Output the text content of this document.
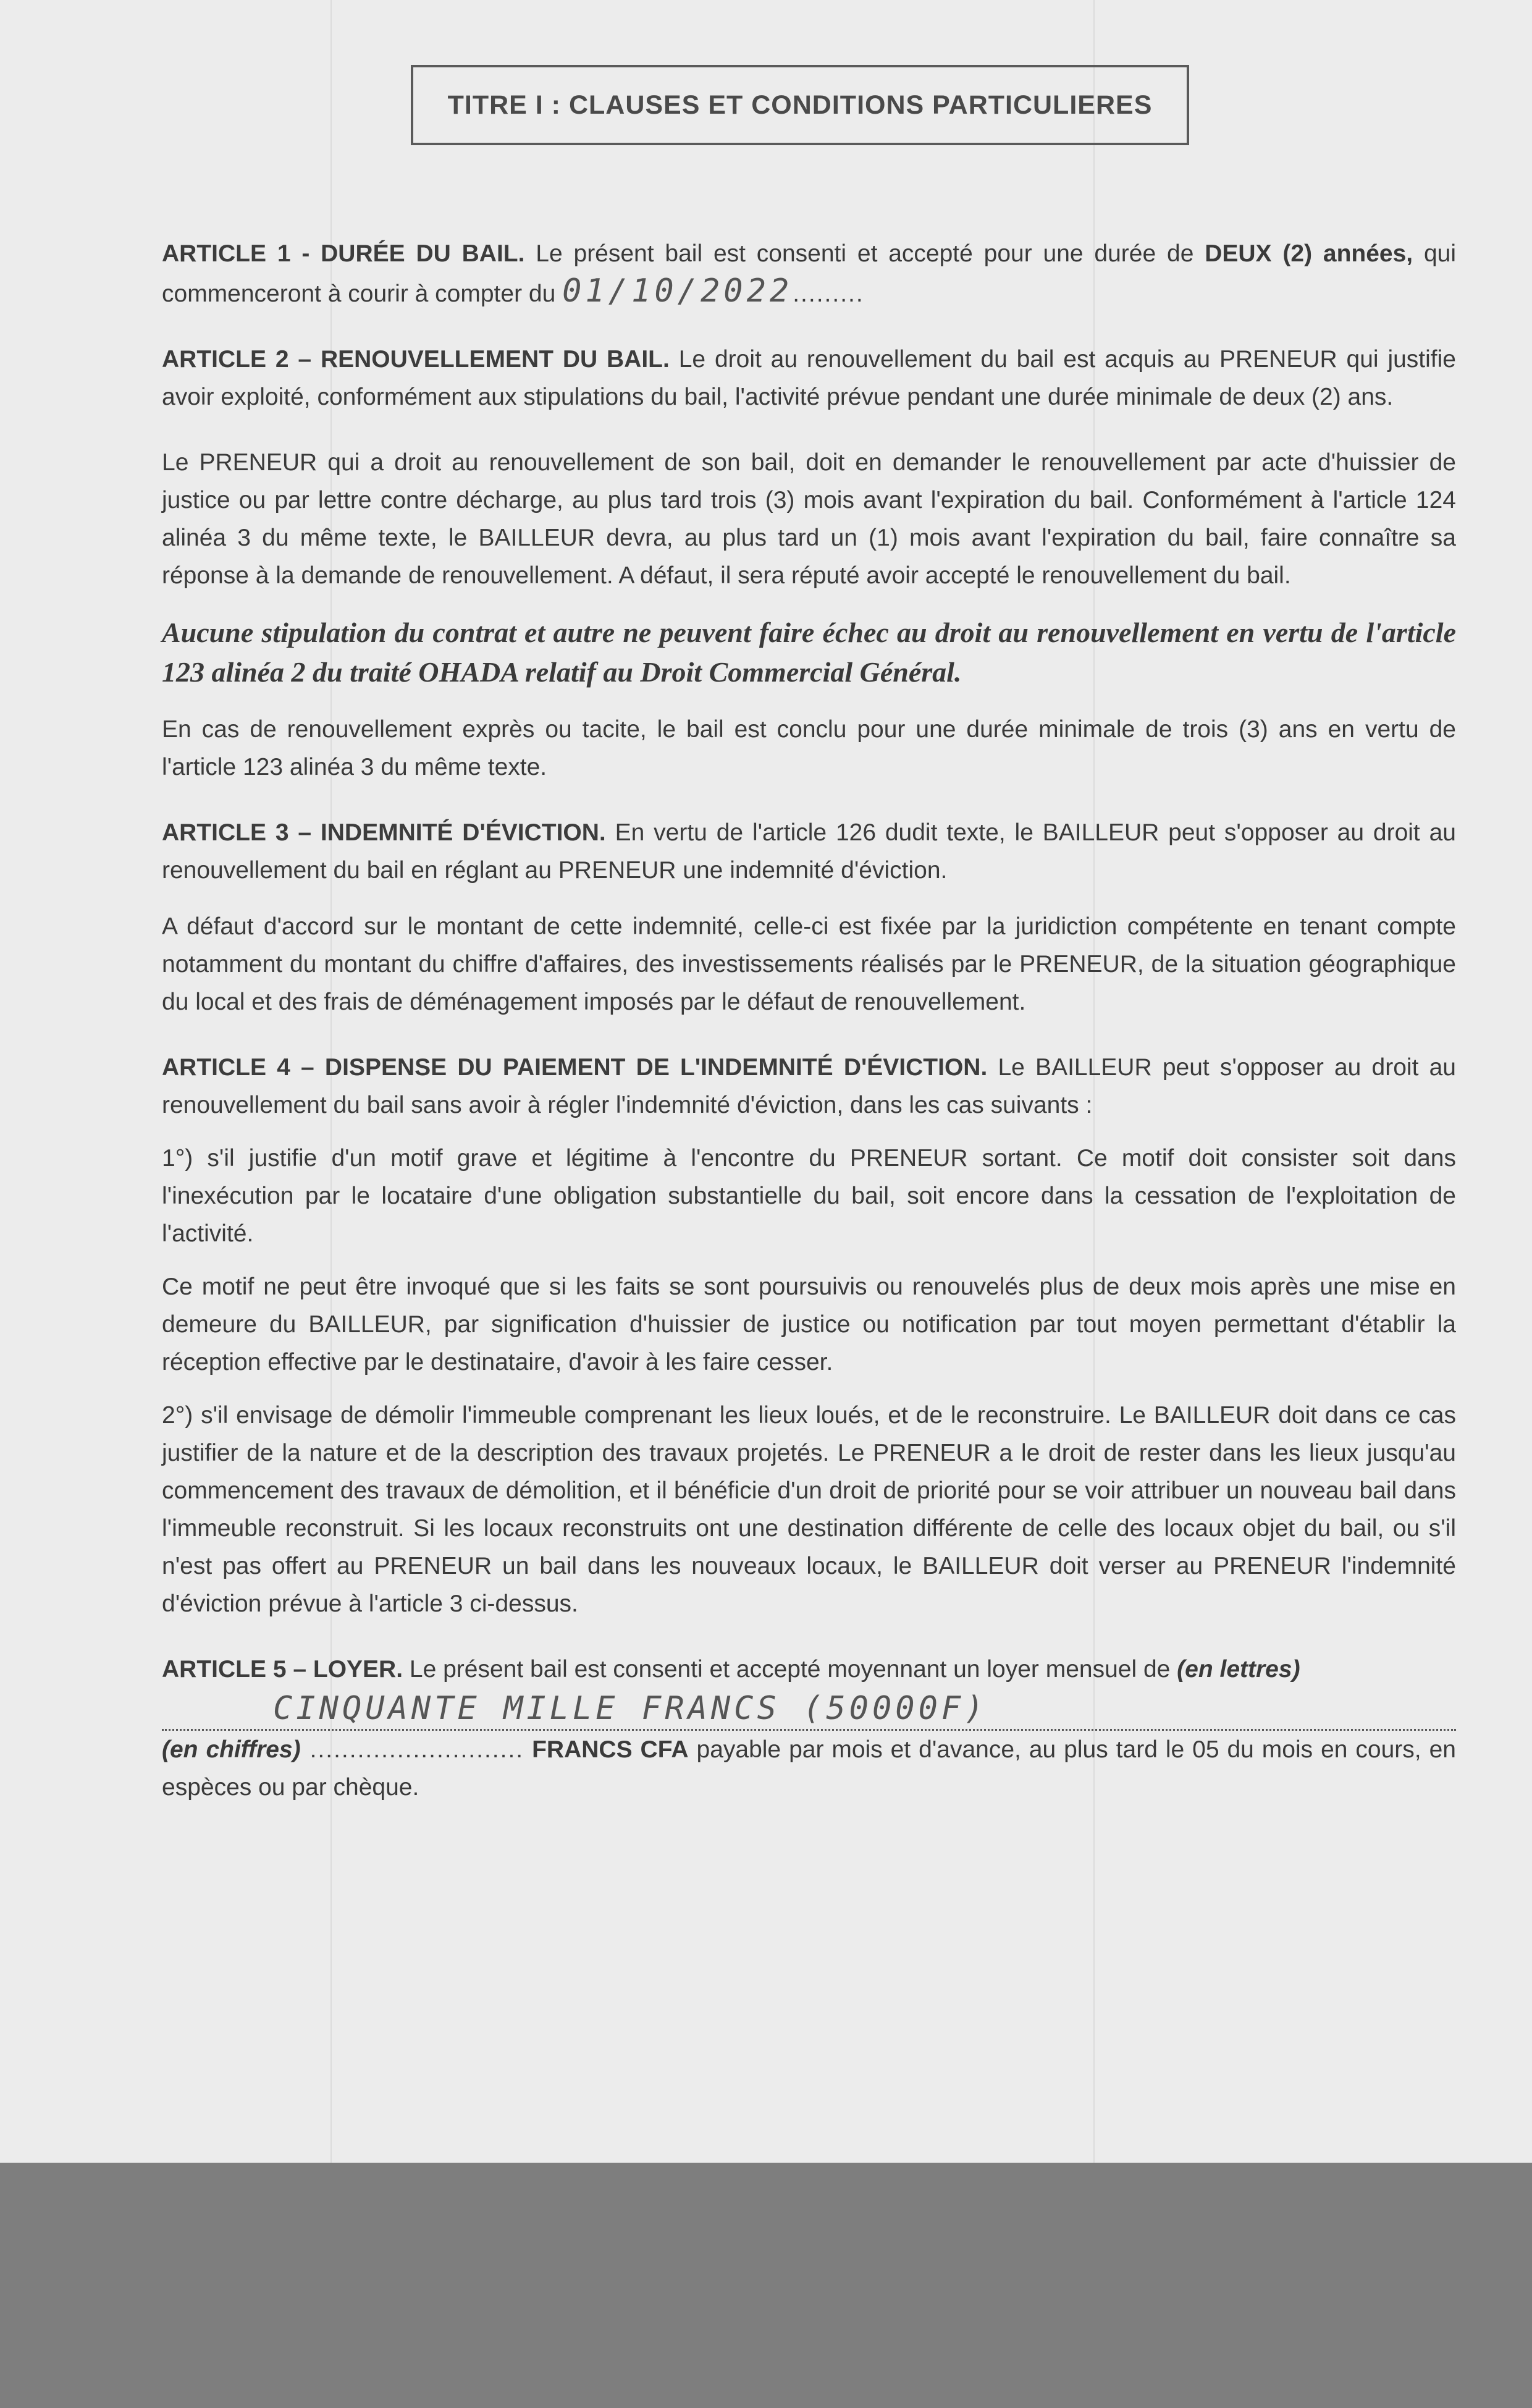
TITRE I : CLAUSES ET CONDITIONS PARTICULIERES

ARTICLE 1 - DURÉE DU BAIL. Le présent bail est consenti et accepté pour une durée de DEUX (2) années, qui commenceront à courir à compter du 01/10/2022.........

ARTICLE 2 – RENOUVELLEMENT DU BAIL. Le droit au renouvellement du bail est acquis au PRENEUR qui justifie avoir exploité, conformément aux stipulations du bail, l'activité prévue pendant une durée minimale de deux (2) ans.

Le PRENEUR qui a droit au renouvellement de son bail, doit en demander le renouvellement par acte d'huissier de justice ou par lettre contre décharge, au plus tard trois (3) mois avant l'expiration du bail. Conformément à l'article 124 alinéa 3 du même texte, le BAILLEUR devra, au plus tard un (1) mois avant l'expiration du bail, faire connaître sa réponse à la demande de renouvellement. A défaut, il sera réputé avoir accepté le renouvellement du bail.

Aucune stipulation du contrat et autre ne peuvent faire échec au droit au renouvellement en vertu de l'article 123 alinéa 2 du traité OHADA relatif au Droit Commercial Général.

En cas de renouvellement exprès ou tacite, le bail est conclu pour une durée minimale de trois (3) ans en vertu de l'article 123 alinéa 3 du même texte.

ARTICLE 3 – INDEMNITÉ D'ÉVICTION. En vertu de l'article 126 dudit texte, le BAILLEUR peut s'opposer au droit au renouvellement du bail en réglant au PRENEUR une indemnité d'éviction.

A défaut d'accord sur le montant de cette indemnité, celle-ci est fixée par la juridiction compétente en tenant compte notamment du montant du chiffre d'affaires, des investissements réalisés par le PRENEUR, de la situation géographique du local et des frais de déménagement imposés par le défaut de renouvellement.

ARTICLE 4 – DISPENSE DU PAIEMENT DE L'INDEMNITÉ D'ÉVICTION. Le BAILLEUR peut s'opposer au droit au renouvellement du bail sans avoir à régler l'indemnité d'éviction, dans les cas suivants :

1°) s'il justifie d'un motif grave et légitime à l'encontre du PRENEUR sortant. Ce motif doit consister soit dans l'inexécution par le locataire d'une obligation substantielle du bail, soit encore dans la cessation de l'exploitation de l'activité.

Ce motif ne peut être invoqué que si les faits se sont poursuivis ou renouvelés plus de deux mois après une mise en demeure du BAILLEUR, par signification d'huissier de justice ou notification par tout moyen permettant d'établir la réception effective par le destinataire, d'avoir à les faire cesser.

2°) s'il envisage de démolir l'immeuble comprenant les lieux loués, et de le reconstruire. Le BAILLEUR doit dans ce cas justifier de la nature et de la description des travaux projetés. Le PRENEUR a le droit de rester dans les lieux jusqu'au commencement des travaux de démolition, et il bénéficie d'un droit de priorité pour se voir attribuer un nouveau bail dans l'immeuble reconstruit. Si les locaux reconstruits ont une destination différente de celle des locaux objet du bail, ou s'il n'est pas offert au PRENEUR un bail dans les nouveaux locaux, le BAILLEUR doit verser au PRENEUR l'indemnité d'éviction prévue à l'article 3 ci-dessus.

ARTICLE 5 – LOYER. Le présent bail est consenti et accepté moyennant un loyer mensuel de (en lettres)
CINQUANTE MILLE FRANCS (50000F)
(en chiffres) ........................... FRANCS CFA payable par mois et d'avance, au plus tard le 05 du mois en cours, en espèces ou par chèque.
